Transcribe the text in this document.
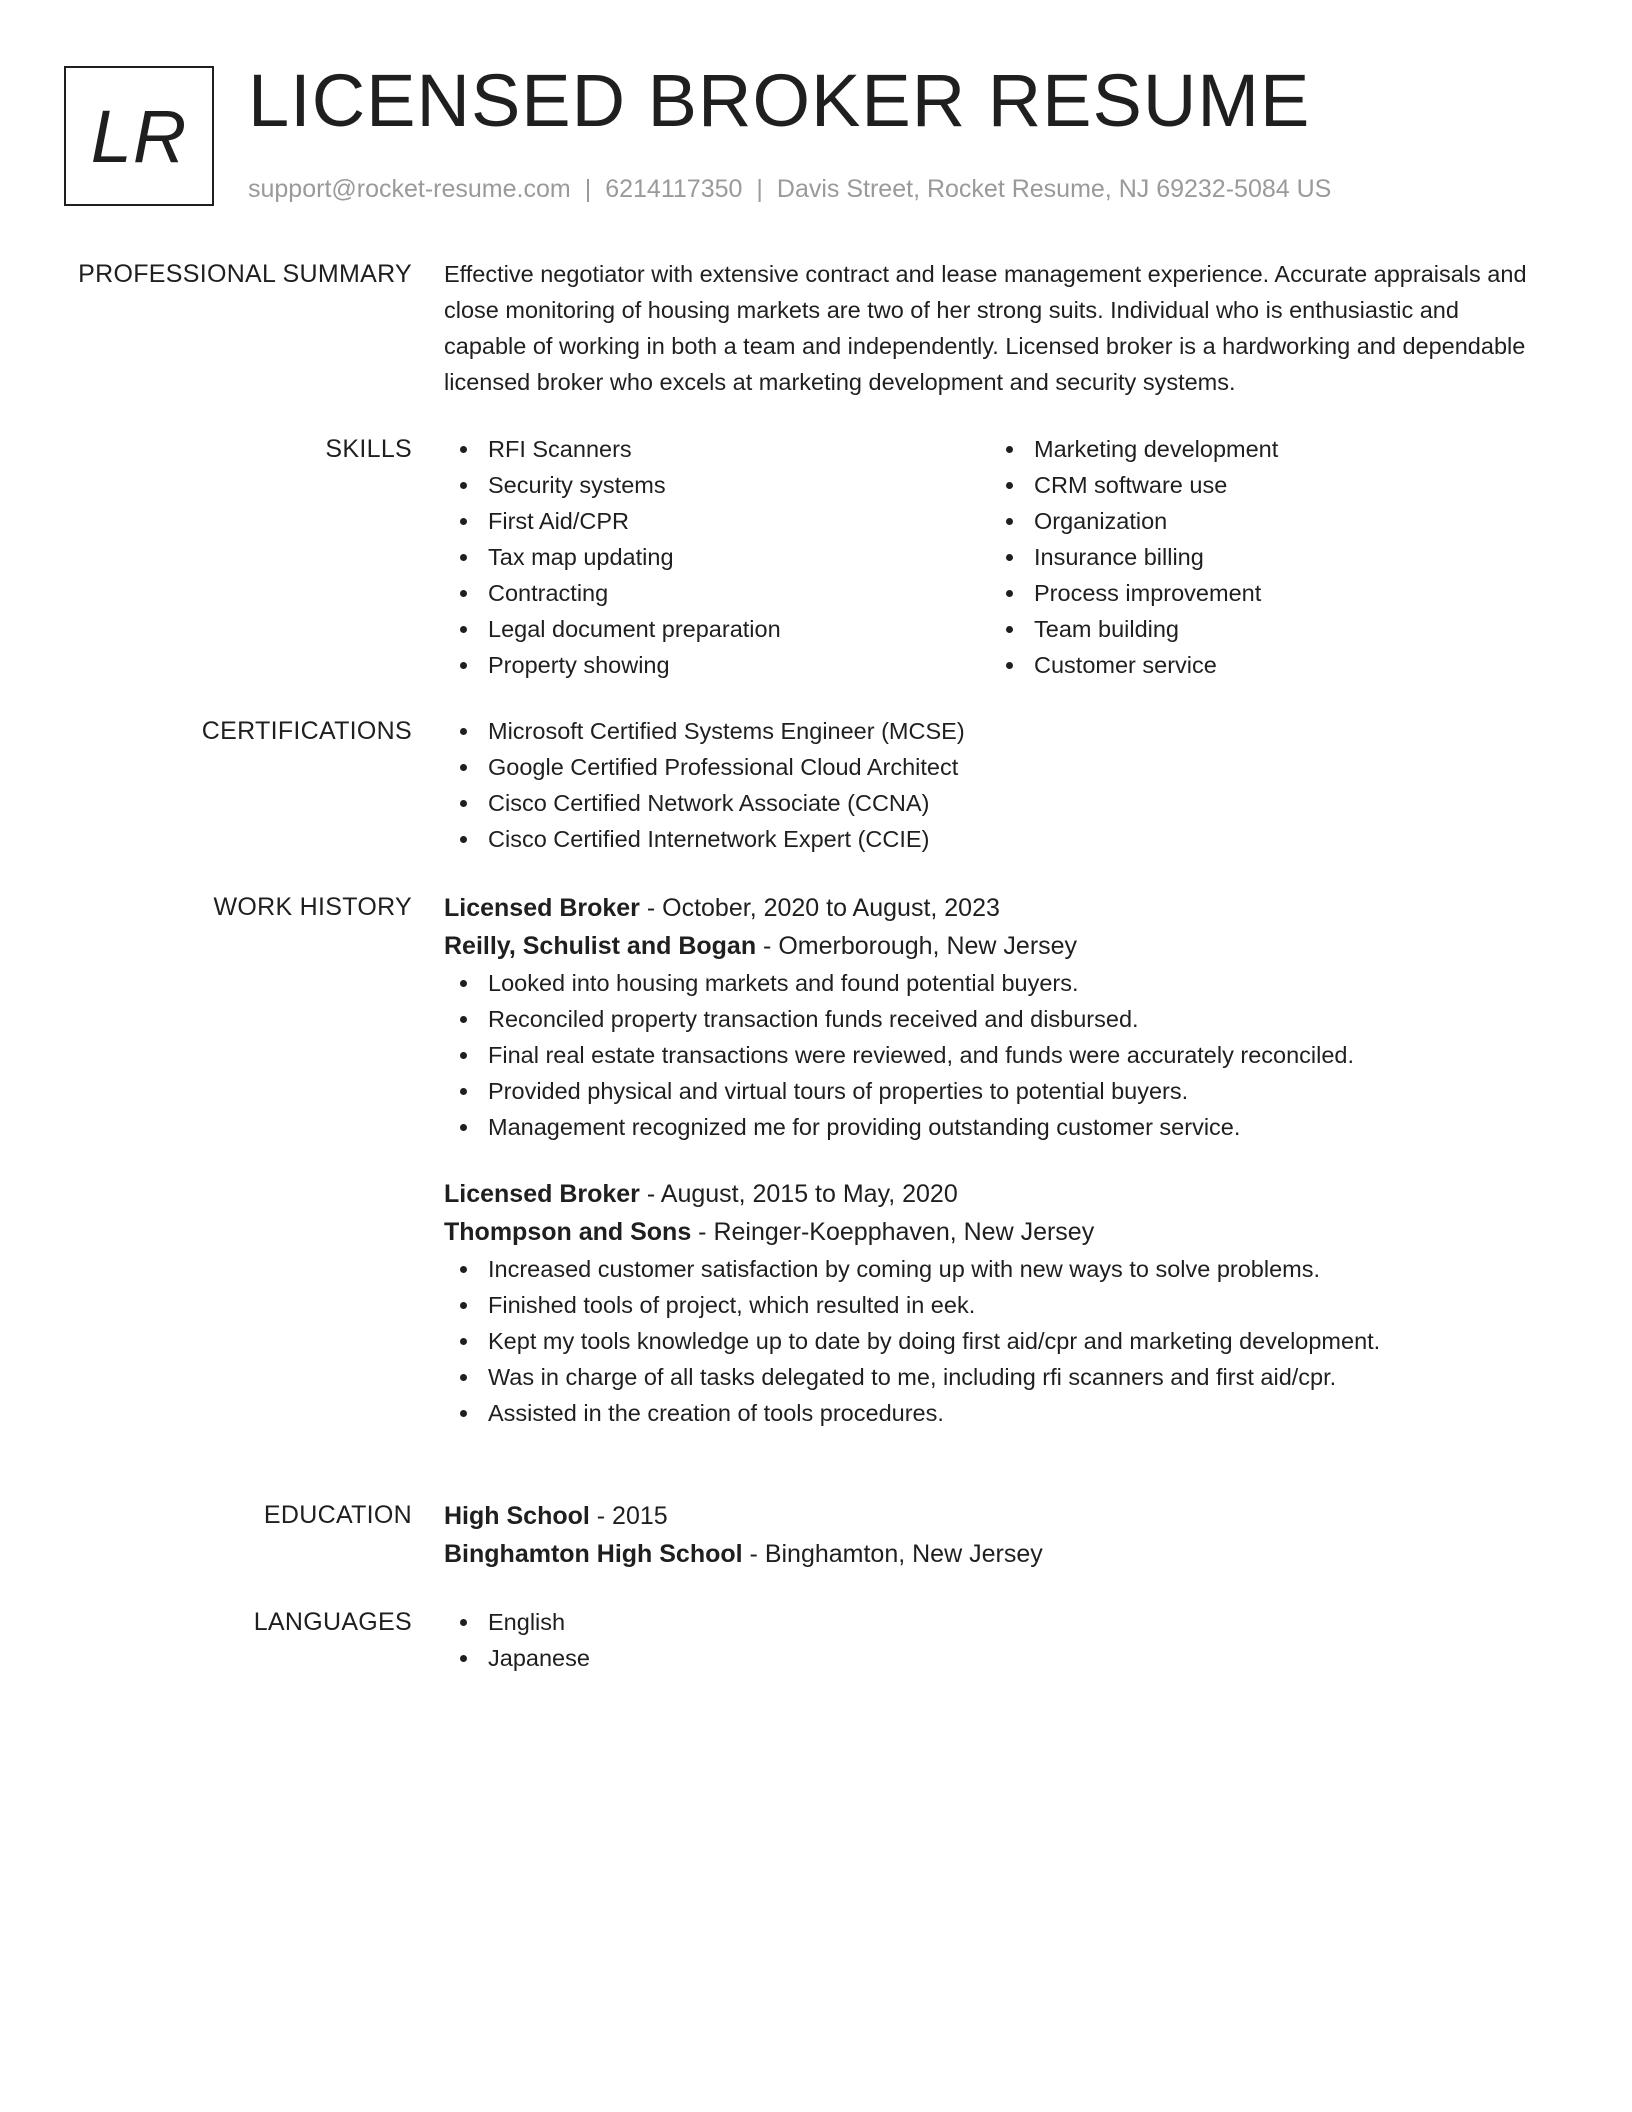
LR LICENSED BROKER RESUME
support@rocket-resume.com | 6214117350 | Davis Street, Rocket Resume, NJ 69232-5084 US
PROFESSIONAL SUMMARY Effective negotiator with extensive contract and lease management experience. Accurate appraisals and close monitoring of housing markets are two of her strong suits. Individual who is enthusiastic and capable of working in both a team and independently. Licensed broker is a hardworking and dependable licensed broker who excels at marketing development and security systems.

SKILLS	RFI Scanners
Security systems
First Aid/CPR
Tax map updating
Contracting
Legal document preparation
Property showing
Marketing development
CRM software use
Organization
Insurance billing
Process improvement
Team building
Customer service
CERTIFICATIONS	Microsoft Certified Systems Engineer (MCSE)
Google Certified Professional Cloud Architect
Cisco Certified Network Associate (CCNA)
Cisco Certified Internetwork Expert (CCIE)
WORK HISTORY Licensed Broker - October, 2020 to August, 2023
Reilly, Schulist and Bogan - Omerborough, New Jersey
Looked into housing markets and found potential buyers.
Reconciled property transaction funds received and disbursed.
Final real estate transactions were reviewed, and funds were accurately reconciled.
Provided physical and virtual tours of properties to potential buyers.
Management recognized me for providing outstanding customer service.
Licensed Broker - August, 2015 to May, 2020
Thompson and Sons - Reinger-Koepphaven, New Jersey
Increased customer satisfaction by coming up with new ways to solve problems.
Finished tools of project, which resulted in eek.
Kept my tools knowledge up to date by doing first aid/cpr and marketing development.
Was in charge of all tasks delegated to me, including rfi scanners and first aid/cpr.
Assisted in the creation of tools procedures.
EDUCATION High School - 2015
Binghamton High School - Binghamton, New Jersey
LANGUAGES	English
Japanese
